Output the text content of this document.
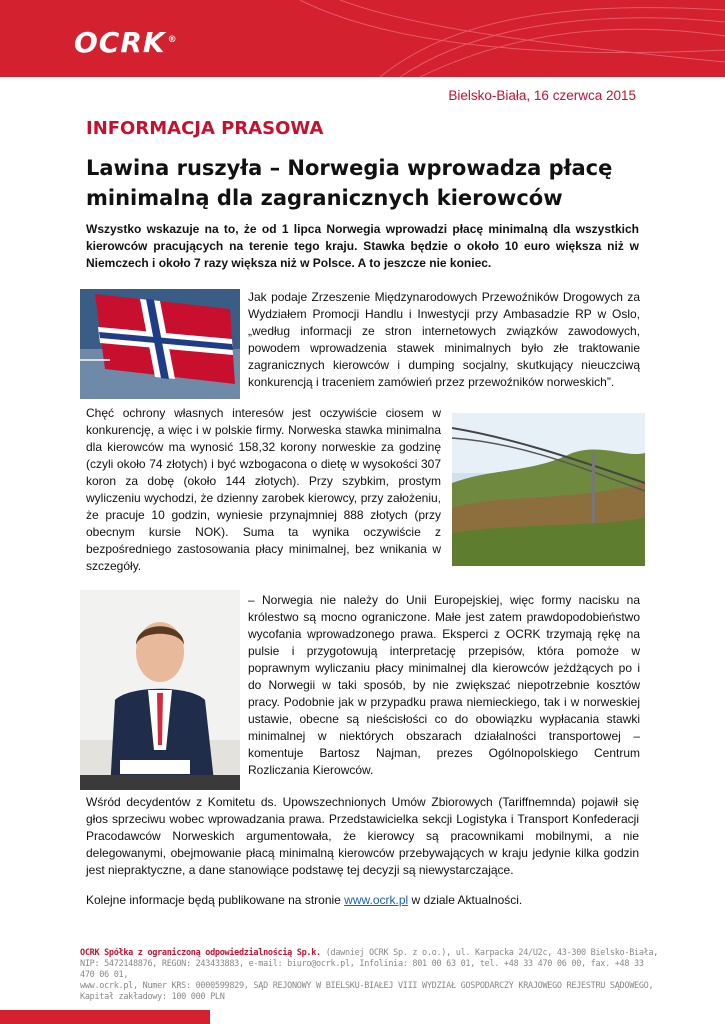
OCRK ®
Bielsko-Biała, 16 czerwca 2015
INFORMACJA PRASOWA
Lawina ruszyła – Norwegia wprowadza płacę minimalną dla zagranicznych kierowców
Wszystko wskazuje na to, że od 1 lipca Norwegia wprowadzi płacę minimalną dla wszystkich kierowców pracujących na terenie tego kraju. Stawka będzie o około 10 euro większa niż w Niemczech i około 7 razy większa niż w Polsce. A to jeszcze nie koniec.
Jak podaje Zrzeszenie Międzynarodowych Przewoźników Drogowych za Wydziałem Promocji Handlu i Inwestycji przy Ambasadzie RP w Oslo, „według informacji ze stron internetowych związków zawodowych, powodem wprowadzenia stawek minimalnych było złe traktowanie zagranicznych kierowców i dumping socjalny, skutkujący nieuczciwą konkurencją i traceniem zamówień przez przewoźników norweskich”.
Chęć ochrony własnych interesów jest oczywiście ciosem w konkurencję, a więc i w polskie firmy. Norweska stawka minimalna dla kierowców ma wynosić 158,32 korony norweskie za godzinę (czyli około 74 złotych) i być wzbogacona o dietę w wysokości 307 koron za dobę (około 144 złotych). Przy szybkim, prostym wyliczeniu wychodzi, że dzienny zarobek kierowcy, przy założeniu, że pracuje 10 godzin, wyniesie przynajmniej 888 złotych (przy obecnym kursie NOK). Suma ta wynika oczywiście z bezpośredniego zastosowania płacy minimalnej, bez wnikania w szczegóły.
– Norwegia nie należy do Unii Europejskiej, więc formy nacisku na królestwo są mocno ograniczone. Małe jest zatem prawdopodobieństwo wycofania wprowadzonego prawa. Eksperci z OCRK trzymają rękę na pulsie i przygotowują interpretację przepisów, która pomoże w poprawnym wyliczaniu płacy minimalnej dla kierowców jeżdżących po i do Norwegii w taki sposób, by nie zwiększać niepotrzebnie kosztów pracy. Podobnie jak w przypadku prawa niemieckiego, tak i w norweskiej ustawie, obecne są nieścisłości co do obowiązku wypłacania stawki minimalnej w niektórych obszarach działalności transportowej – komentuje Bartosz Najman, prezes Ogólnopolskiego Centrum Rozliczania Kierowców.
Wśród decydentów z Komitetu ds. Upowszechnionych Umów Zbiorowych (Tariffnemnda) pojawił się głos sprzeciwu wobec wprowadzania prawa. Przedstawicielka sekcji Logistyka i Transport Konfederacji Pracodawców Norweskich argumentowała, że kierowcy są pracownikami mobilnymi, a nie delegowanymi, obejmowanie płacą minimalną kierowców przebywających w kraju jedynie kilka godzin jest niepraktyczne, a dane stanowiące podstawę tej decyzji są niewystarczające.
Kolejne informacje będą publikowane na stronie www.ocrk.pl w dziale Aktualności.
OCRK Spółka z ograniczoną odpowiedzialnością Sp.k. (dawniej OCRK Sp. z o.o.), ul. Karpacka 24/U2c, 43-300 Bielsko-Biała,
NIP: 5472148876, REGON: 243433883, e-mail: biuro@ocrk.pl, Infolinia: 801 00 63 01, tel. +48 33 470 06 00, fax. +48 33 470 06 01,
www.ocrk.pl, Numer KRS: 0000599829, SĄD REJONOWY W BIELSKU-BIAŁEJ VIII WYDZIAŁ GOSPODARCZY KRAJOWEGO REJESTRU SĄDOWEGO,
Kapitał zakładowy: 100 000 PLN
